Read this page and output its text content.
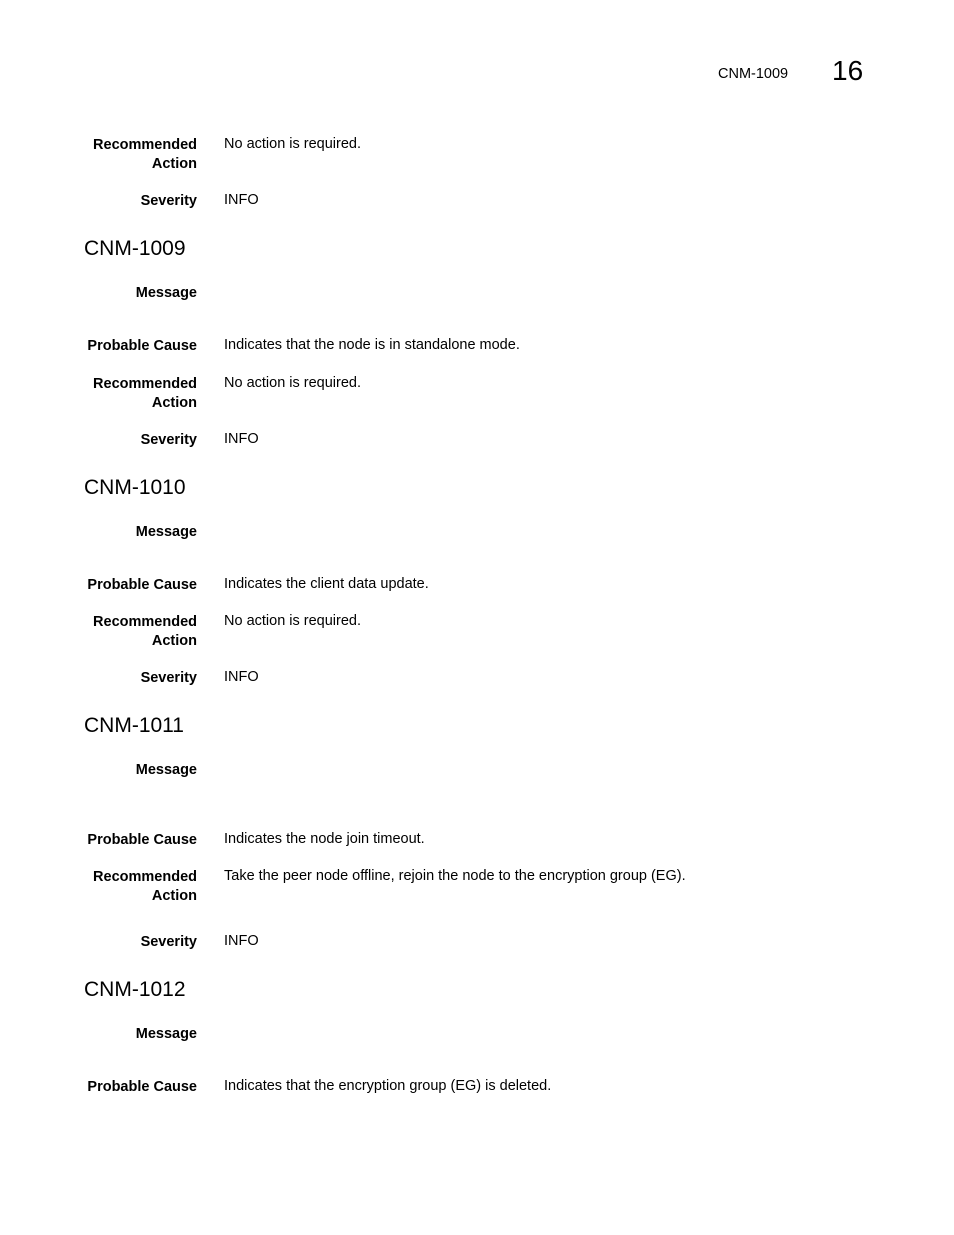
CNM-1009 16
Recommended
Action
No action is required.
Severity INFO
CNM-1009
Message
Probable Cause Indicates that the node is in standalone mode.
Recommended
Action
No action is required.
Severity INFO
CNM-1010
Message
Probable Cause Indicates the client data update.
Recommended
Action
No action is required.
Severity INFO
CNM-1011
Message
Probable Cause Indicates the node join timeout.
Recommended
Action
Take the peer node offline, rejoin the node to the encryption group (EG).
Severity INFO
CNM-1012
Message
Probable Cause Indicates that the encryption group (EG) is deleted.
